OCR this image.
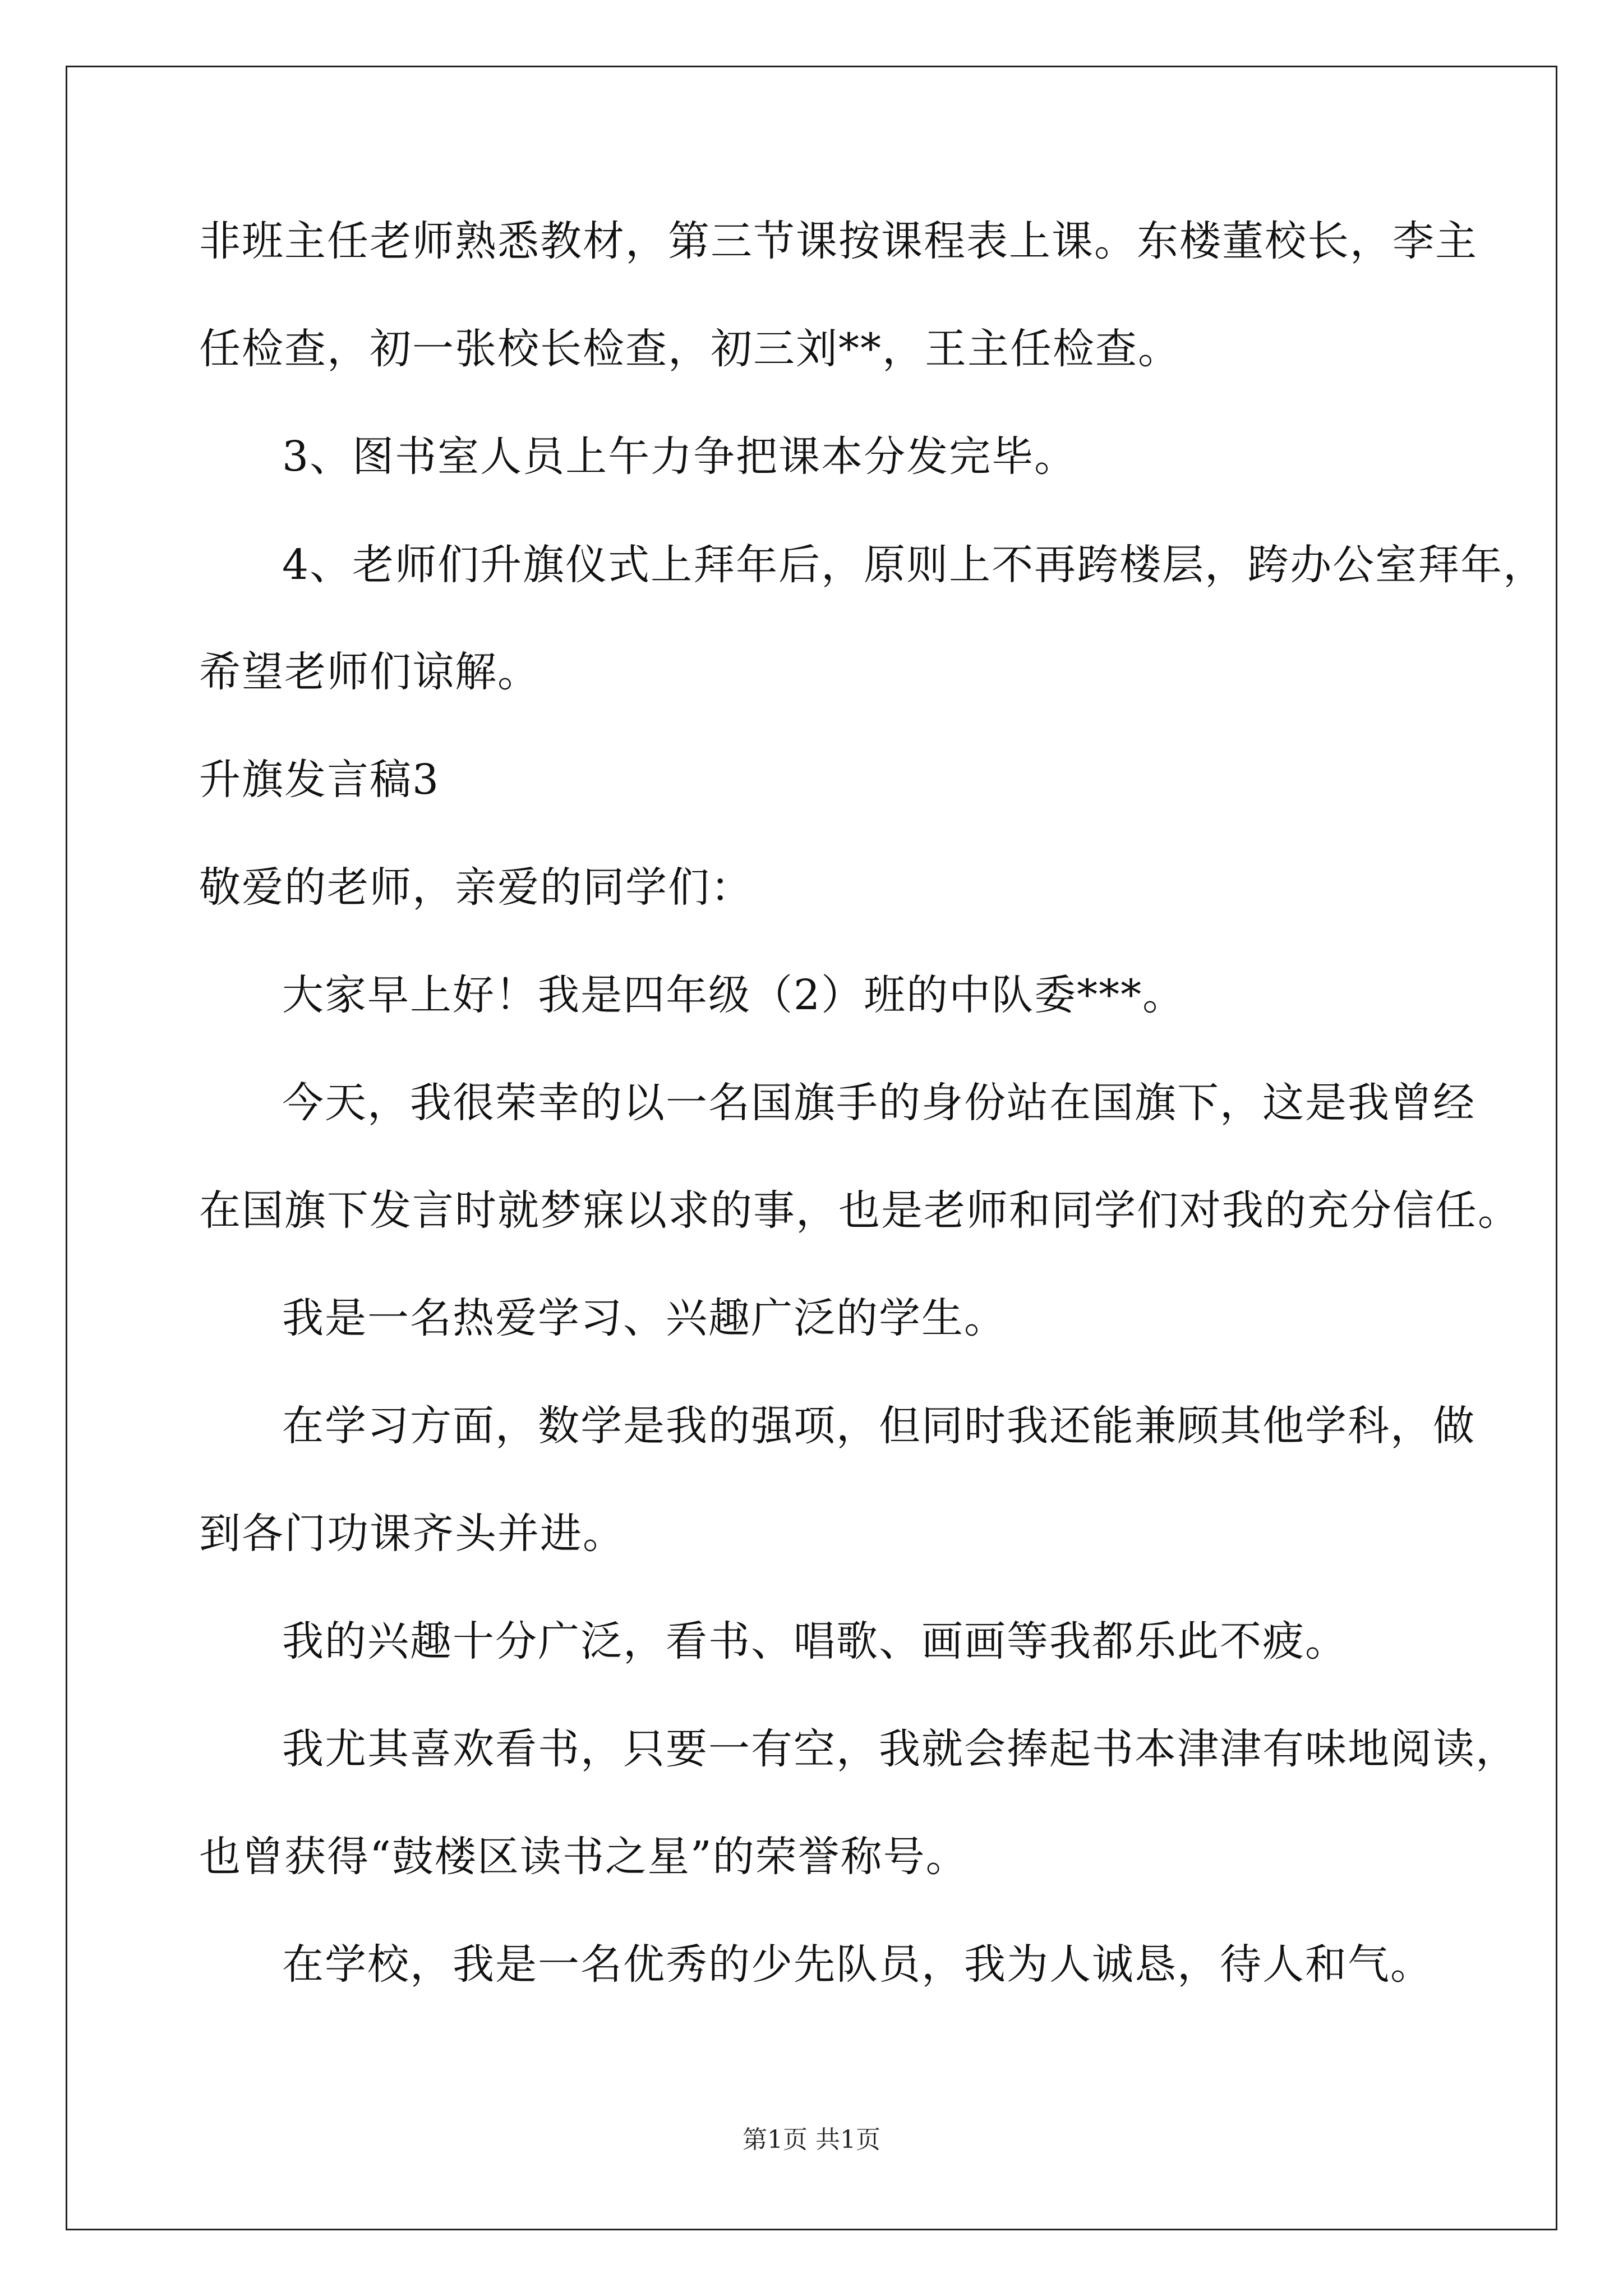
非班主任老师熟悉教材，第三节课按课程表上课。东楼董校长，李主
任检查，初一张校长检查，初三刘**，王主任检查。
3、图书室人员上午力争把课本分发完毕。
4、老师们升旗仪式上拜年后，原则上不再跨楼层，跨办公室拜年，
希望老师们谅解。
升旗发言稿3
敬爱的老师，亲爱的同学们：
大家早上好！我是四年级（2）班的中队委***。
今天，我很荣幸的以一名国旗手的身份站在国旗下，这是我曾经
在国旗下发言时就梦寐以求的事，也是老师和同学们对我的充分信任。
我是一名热爱学习、兴趣广泛的学生。
在学习方面，数学是我的强项，但同时我还能兼顾其他学科，做
到各门功课齐头并进。
我的兴趣十分广泛，看书、唱歌、画画等我都乐此不疲。
我尤其喜欢看书，只要一有空，我就会捧起书本津津有味地阅读，
也曾获得“鼓楼区读书之星”的荣誉称号。
在学校，我是一名优秀的少先队员，我为人诚恳，待人和气。
第1页 共1页
